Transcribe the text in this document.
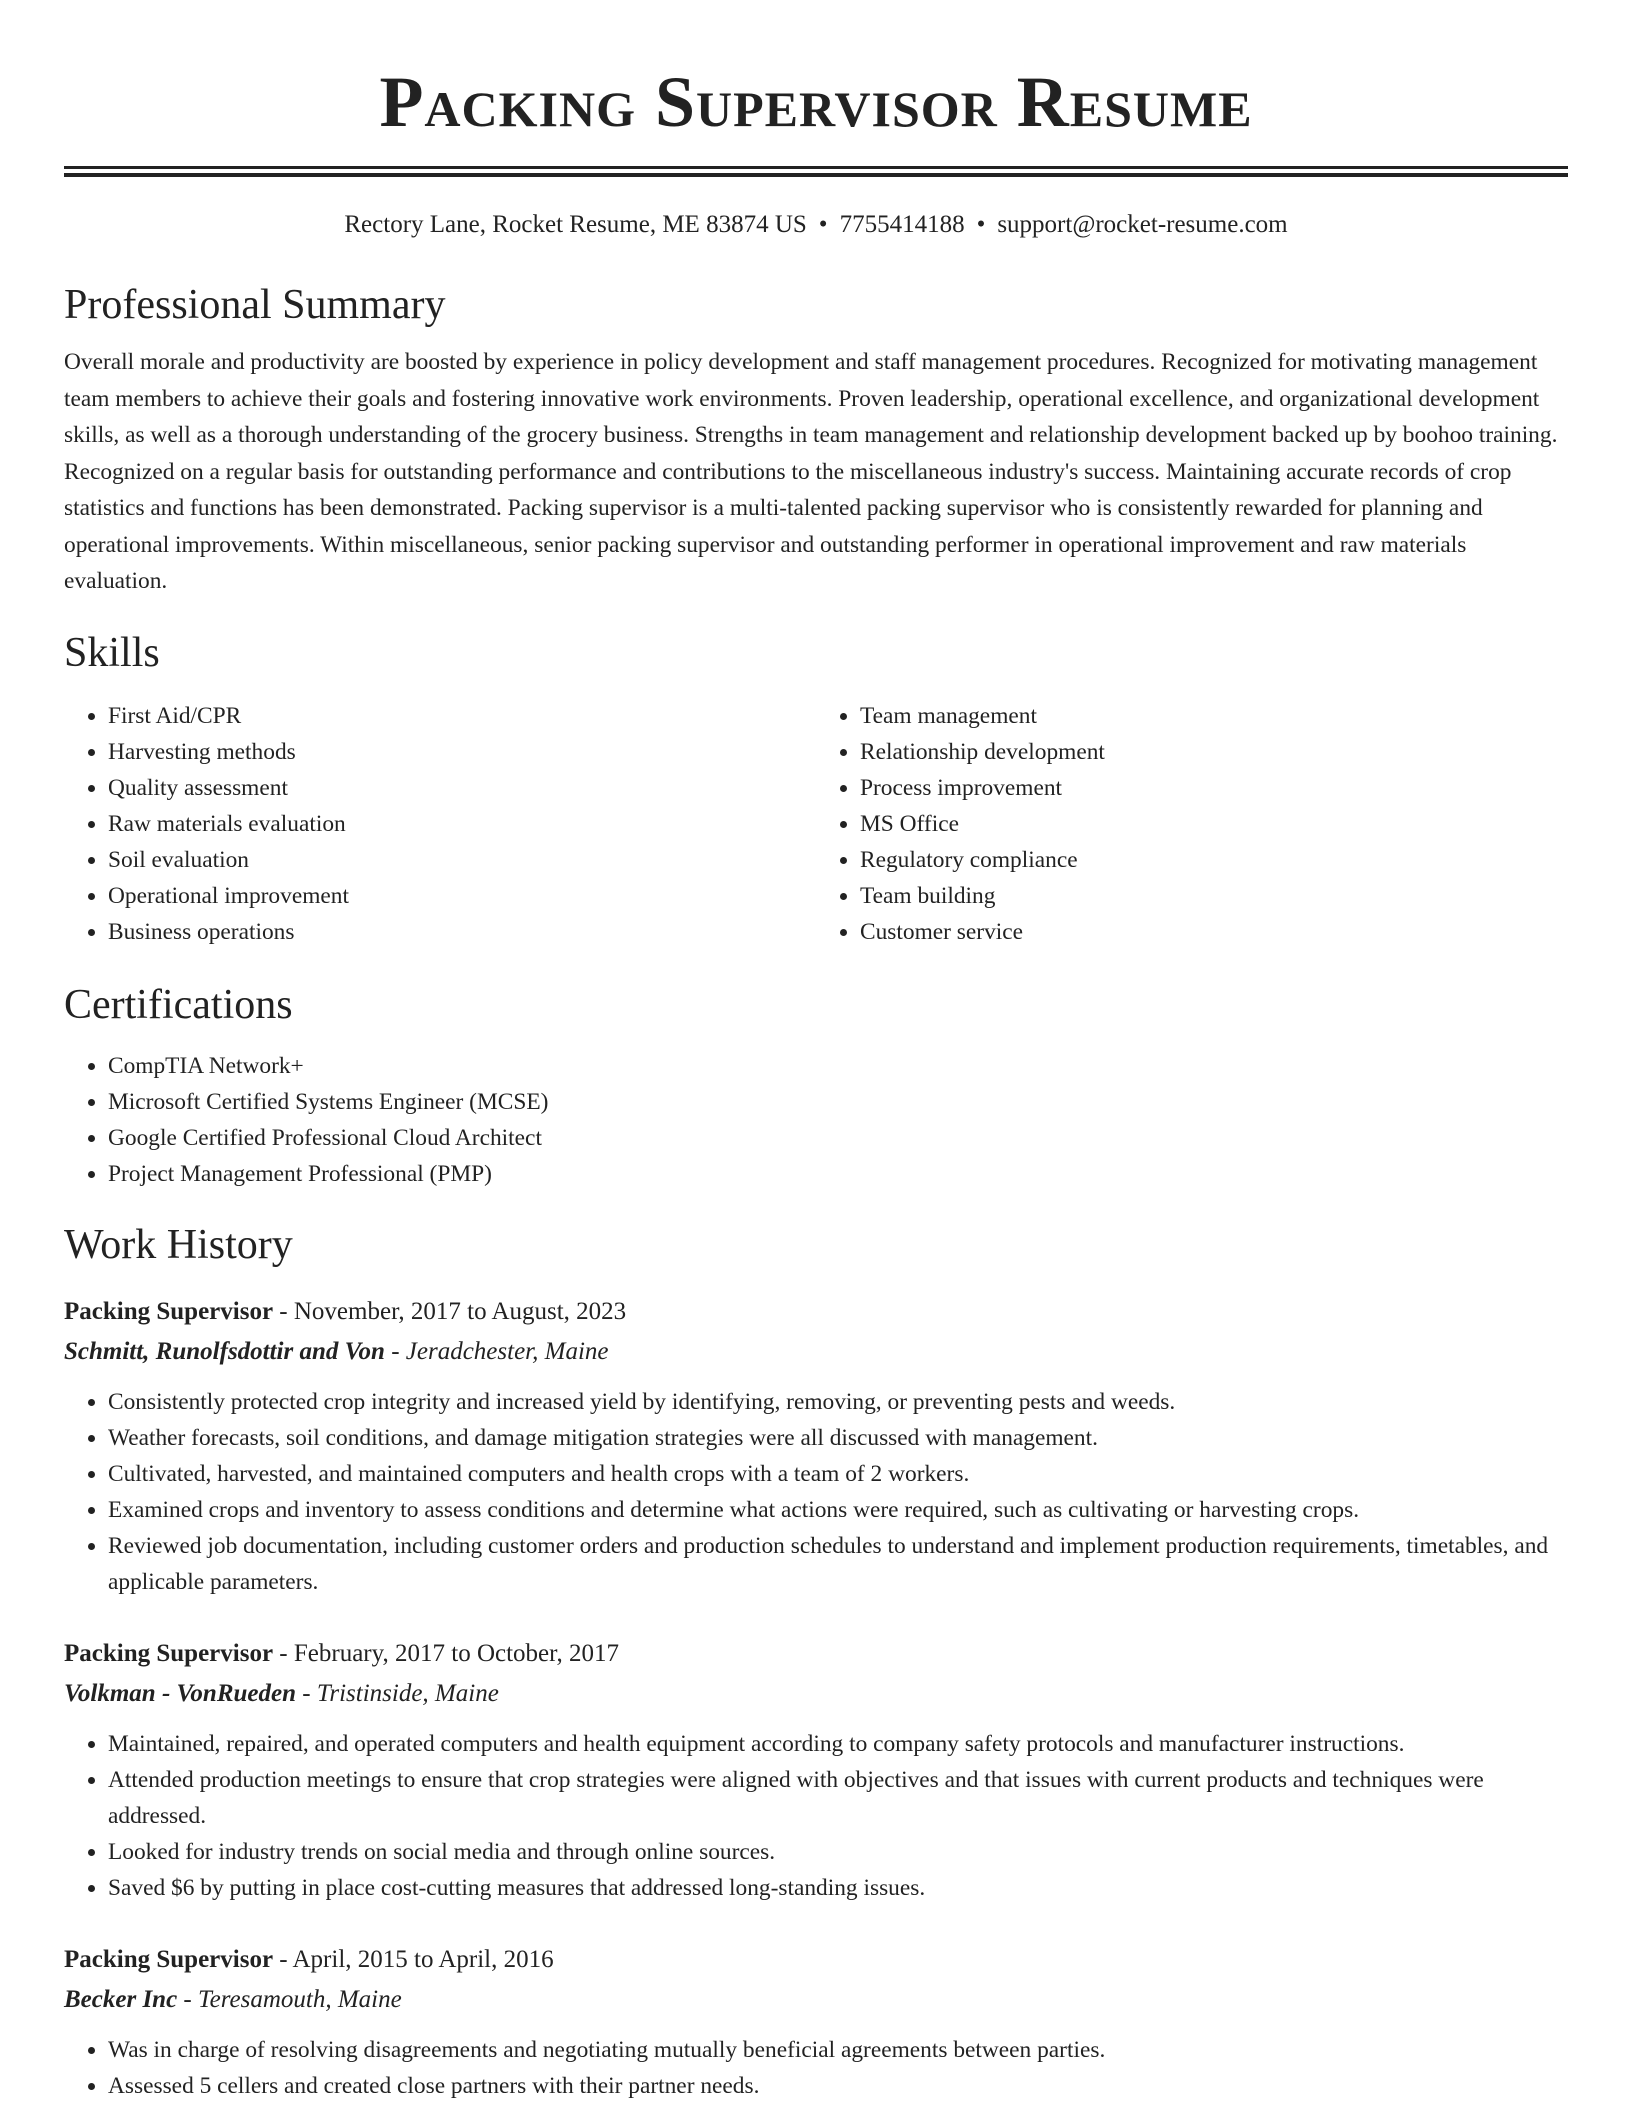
Packing Supervisor Resume
Rectory Lane, Rocket Resume, ME 83874 US • 7755414188 • support@rocket-resume.com
Professional Summary

Overall morale and productivity are boosted by experience in policy development and staff management procedures. Recognized for motivating management team members to achieve their goals and fostering innovative work environments. Proven leadership, operational excellence, and organizational development skills, as well as a thorough understanding of the grocery business. Strengths in team management and relationship development backed up by boohoo training. Recognized on a regular basis for outstanding performance and contributions to the miscellaneous industry's success. Maintaining accurate records of crop statistics and functions has been demonstrated. Packing supervisor is a multi-talented packing supervisor who is consistently rewarded for planning and operational improvements. Within miscellaneous, senior packing supervisor and outstanding performer in operational improvement and raw materials evaluation.

Skills
• First Aid/CPR
• Harvesting methods
• Quality assessment
• Raw materials evaluation
• Soil evaluation
• Operational improvement
• Business operations
• Team management
• Relationship development
• Process improvement
• MS Office
• Regulatory compliance
• Team building
• Customer service
Certifications
• CompTIA Network+
• Microsoft Certified Systems Engineer (MCSE)
• Google Certified Professional Cloud Architect
• Project Management Professional (PMP)
Work History
Packing Supervisor - November, 2017 to August, 2023
Schmitt, Runolfsdottir and Von - Jeradchester, Maine
• Consistently protected crop integrity and increased yield by identifying, removing, or preventing pests and weeds.
• Weather forecasts, soil conditions, and damage mitigation strategies were all discussed with management.
• Cultivated, harvested, and maintained computers and health crops with a team of 2 workers.
• Examined crops and inventory to assess conditions and determine what actions were required, such as cultivating or harvesting crops.
• Reviewed job documentation, including customer orders and production schedules to understand and implement production requirements, timetables, and applicable parameters.
Packing Supervisor - February, 2017 to October, 2017
Volkman - VonRueden - Tristinside, Maine
• Maintained, repaired, and operated computers and health equipment according to company safety protocols and manufacturer instructions.
• Attended production meetings to ensure that crop strategies were aligned with objectives and that issues with current products and techniques were addressed.
• Looked for industry trends on social media and through online sources.
• Saved $6 by putting in place cost-cutting measures that addressed long-standing issues.
Packing Supervisor - April, 2015 to April, 2016
Becker Inc - Teresamouth, Maine
• Was in charge of resolving disagreements and negotiating mutually beneficial agreements between parties.
• Assessed 5 cellers and created close partners with their partner needs.
